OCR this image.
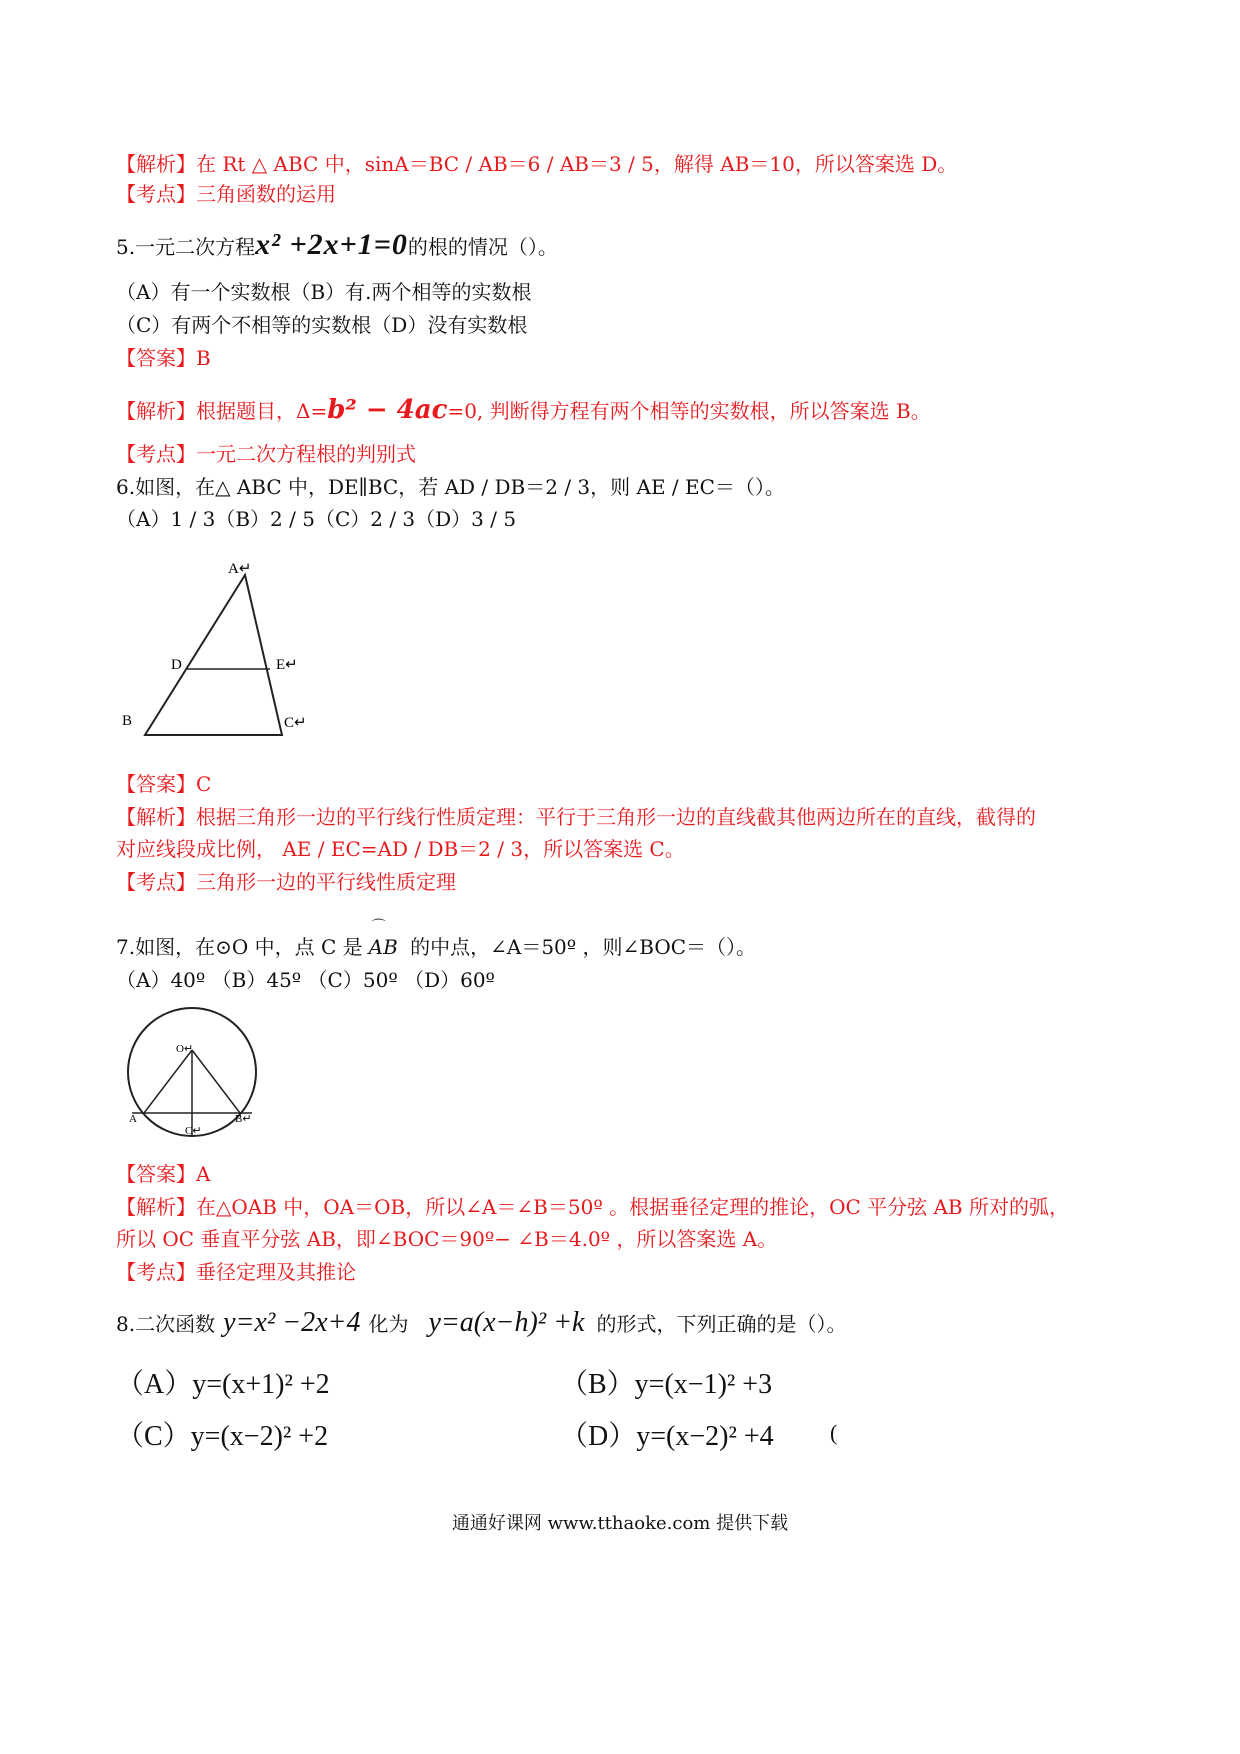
【解析】在 Rt △ ABC 中，sinA＝BC / AB＝6 / AB＝3 / 5，解得 AB＝10，所以答案选 D。
【考点】三角函数的运用
5.一元二次方程x² +2x+1=0的根的情况（）。
（A）有一个实数根（B）有.两个相等的实数根
（C）有两个不相等的实数根（D）没有实数根
【答案】B
【解析】根据题目，Δ=b² − 4ac=0, 判断得方程有两个相等的实数根，所以答案选 B。
【考点】一元二次方程根的判别式
6.如图，在△ ABC 中，DE∥BC，若 AD / DB＝2 / 3，则 AE / EC＝（）。
（A）1 / 3（B）2 / 5（C）2 / 3（D）3 / 5
A↵
D	E↵
B	C↵
【答案】C
【解析】根据三角形一边的平行线行性质定理：平行于三角形一边的直线截其他两边所在的直线，截得的
对应线段成比例， AE / EC=AD / DB＝2 / 3，所以答案选 C。
【考点】三角形一边的平行线性质定理
7.如图，在⊙O 中，点 C 是
⌒
AB 的中点，∠A＝50º ，则∠BOC＝（）。
（A）40º （B）45º （C）50º （D）60º
O↵
A	B↵
C↵
【答案】A
【解析】在△OAB 中，OA＝OB，所以∠A＝∠B＝50º 。根据垂径定理的推论，OC 平分弦 AB 所对的弧，
所以 OC 垂直平分弦 AB，即∠BOC＝90º− ∠B＝4.0º ，所以答案选 A。
【考点】垂径定理及其推论
8.二次函数 y=x² −2x+4 化为 y=a(x−h)² +k 的形式，下列正确的是（）。
（A）y=(x+1)² +2	（B）y=(x−1)² +3
（C）y=(x−2)² +2	（D）y=(x−2)² +4	(
通通好课网 www.tthaoke.com 提供下载
